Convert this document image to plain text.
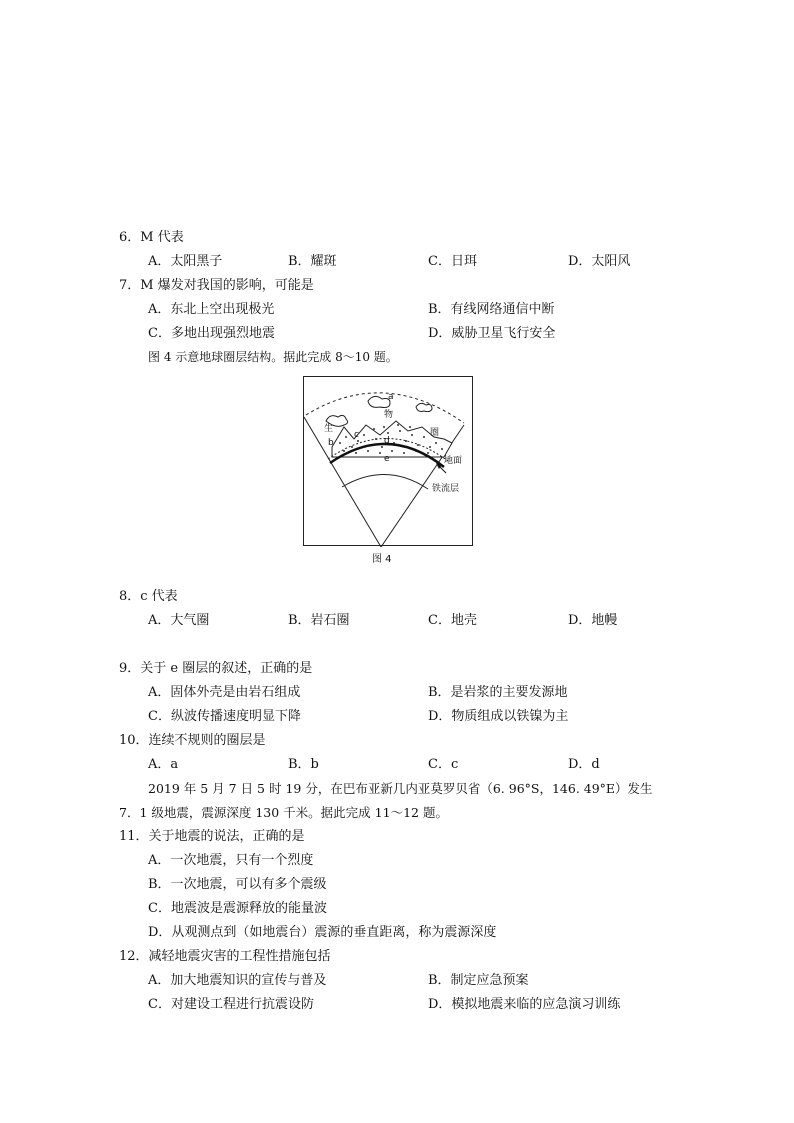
6．M 代表
A．太阳黑子	B．耀斑	C．日珥	D．太阳风
7．M 爆发对我国的影响，可能是
A．东北上空出现极光	B．有线网络通信中断
C．多地出现强烈地震	D．威胁卫星飞行安全
图 4 示意地球圈层结构。据此完成 8～10 题。
a
物
生	圈
b
c
d
e	地面
铁流层
图 4
8．c 代表
A．大气圈	B．岩石圈	C．地壳	D．地幔
9．关于 e 圈层的叙述，正确的是
A．固体外壳是由岩石组成	B．是岩浆的主要发源地
C．纵波传播速度明显下降	D．物质组成以铁镍为主
10．连续不规则的圈层是
A．a	B．b	C．c	D．d
2019 年 5 月 7 日 5 时 19 分，在巴布亚新几内亚莫罗贝省（6. 96°S，146. 49°E）发生
7．1 级地震，震源深度 130 千米。据此完成 11～12 题。
11．关于地震的说法，正确的是
A．一次地震，只有一个烈度
B．一次地震，可以有多个震级
C．地震波是震源释放的能量波
D．从观测点到（如地震台）震源的垂直距离，称为震源深度
12．减轻地震灾害的工程性措施包括
A．加大地震知识的宣传与普及	B．制定应急预案
C．对建设工程进行抗震设防	D．模拟地震来临的应急演习训练
